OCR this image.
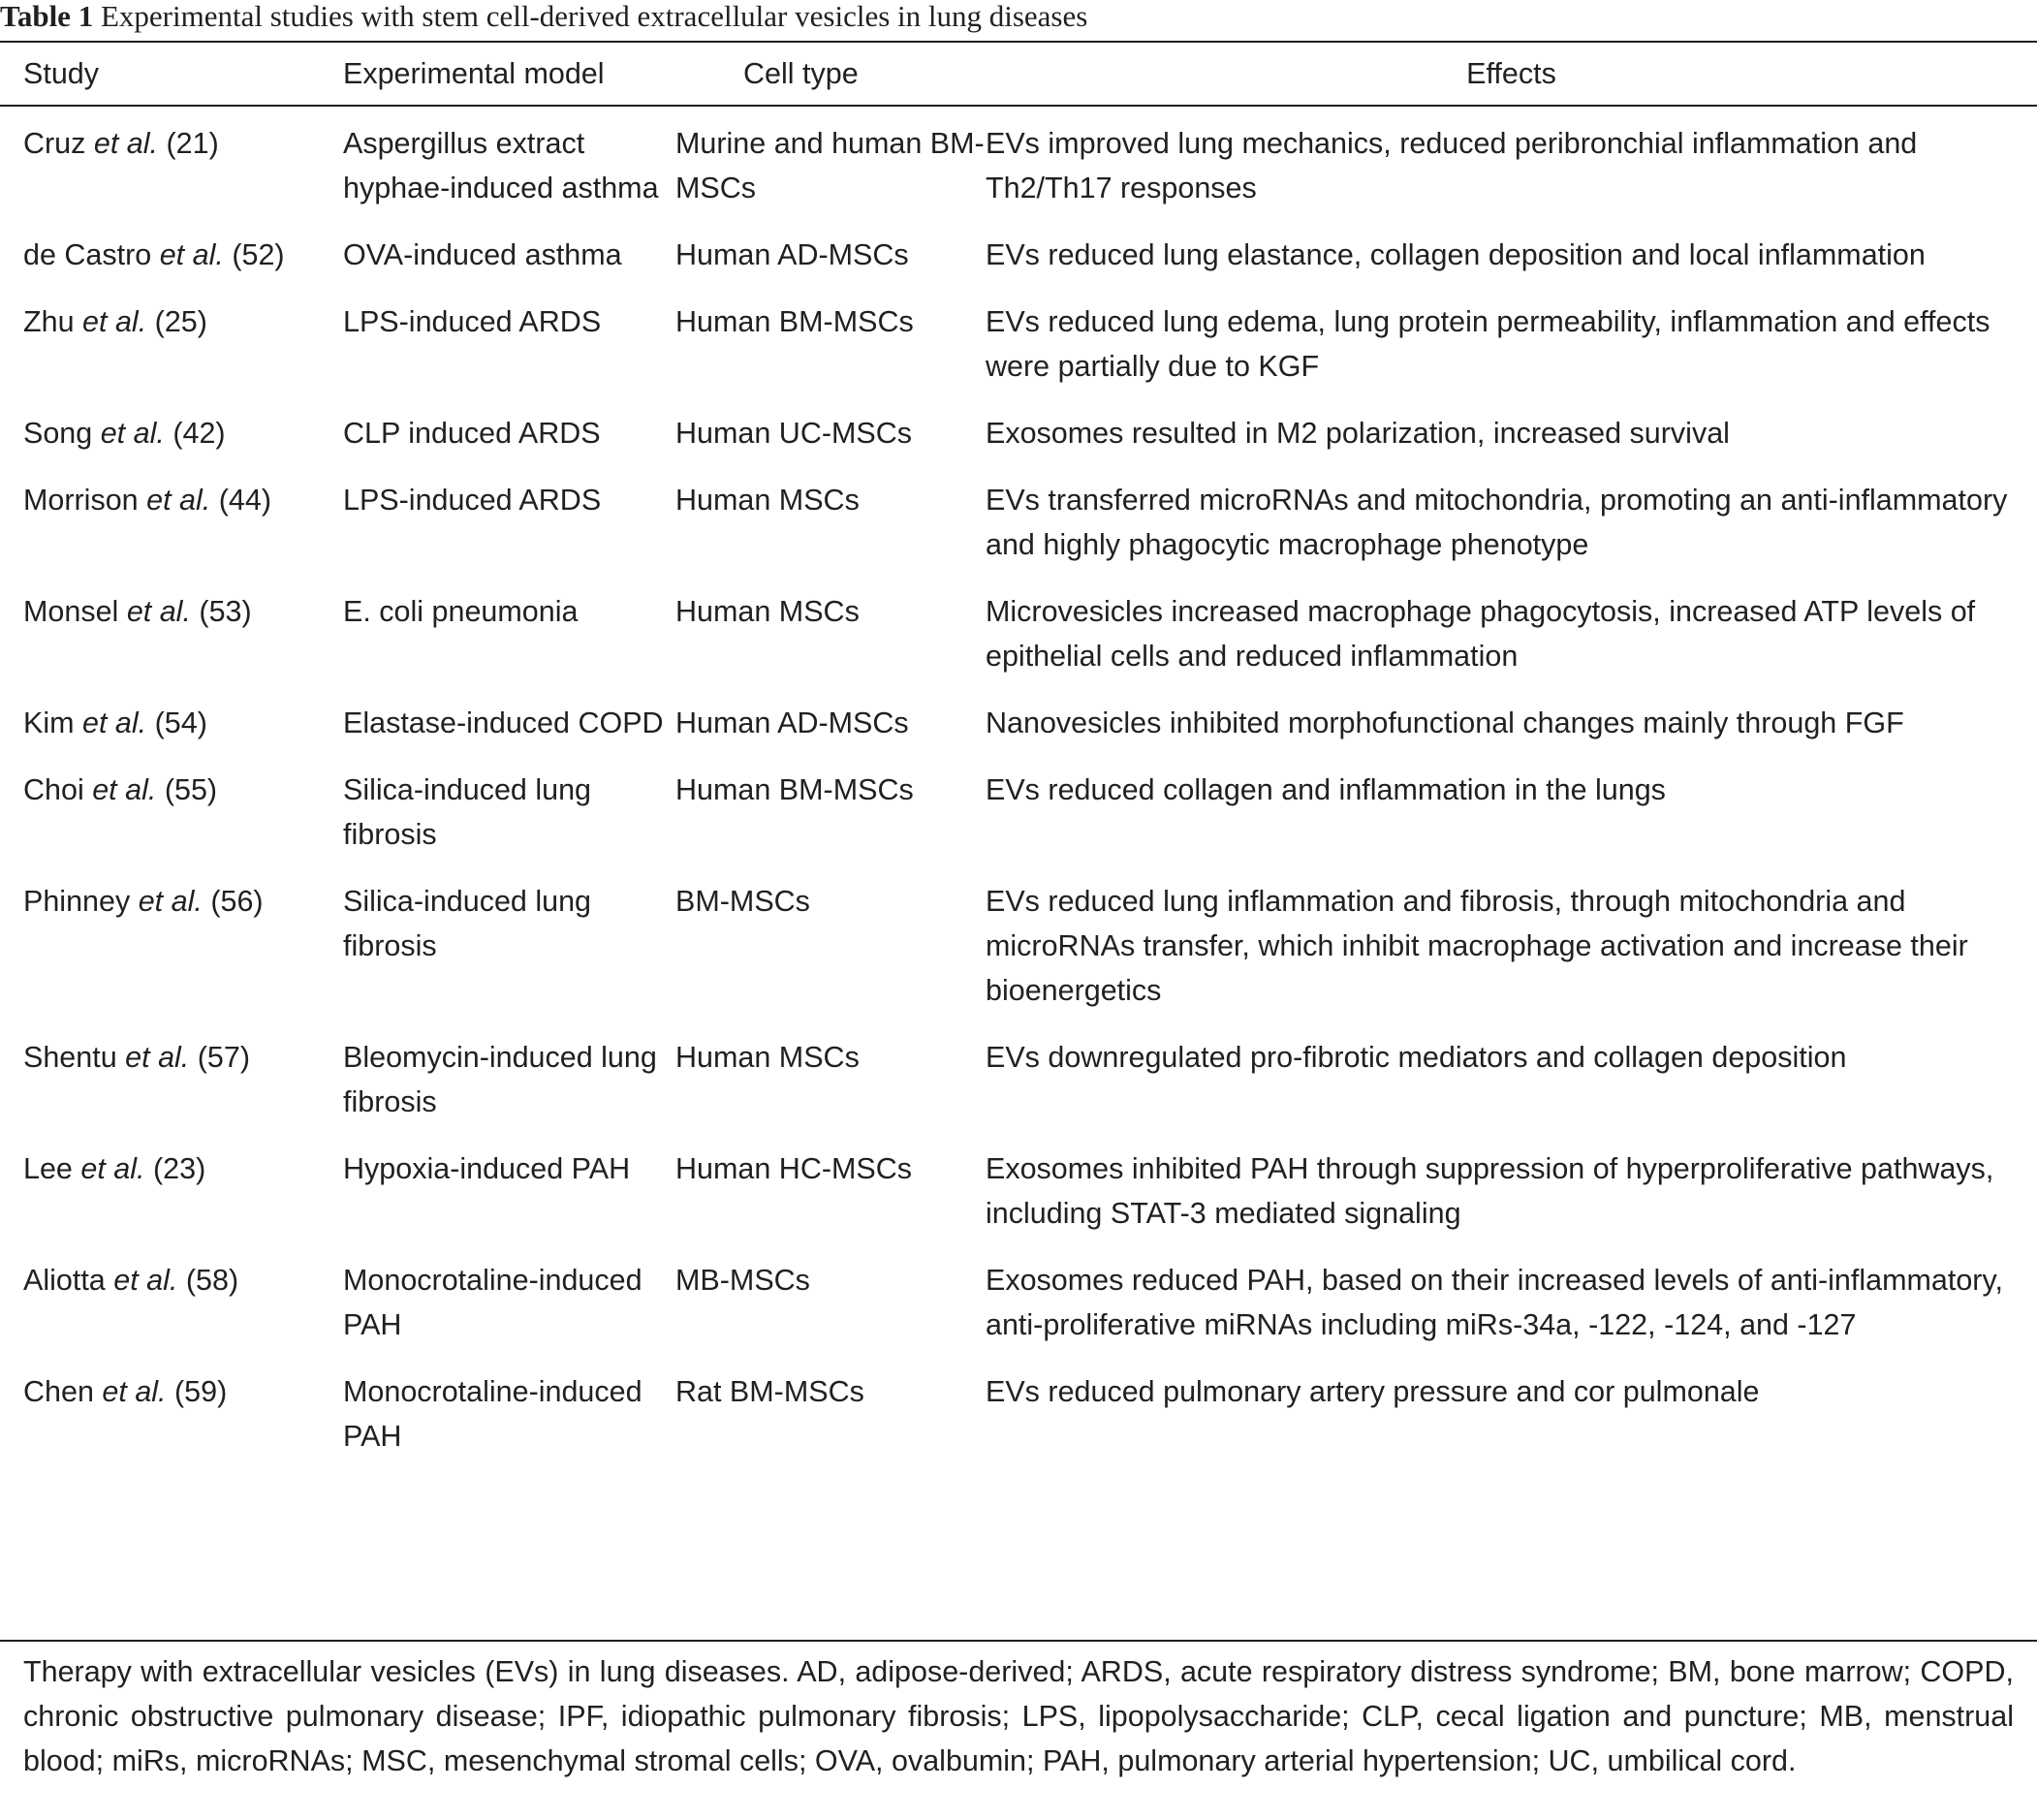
Table 1 Experimental studies with stem cell-derived extracellular vesicles in lung diseases
Study	Experimental model	Cell type	Effects
Cruz et al. (21)	Aspergillus extract hyphae-induced asthma	Murine and human BM-MSCs	EVs improved lung mechanics, reduced peribronchial inflammation and Th2/Th17 responses
de Castro et al. (52)	OVA-induced asthma	Human AD-MSCs	EVs reduced lung elastance, collagen deposition and local inflammation
Zhu et al. (25)	LPS-induced ARDS	Human BM-MSCs	EVs reduced lung edema, lung protein permeability, inflammation and effects were partially due to KGF
Song et al. (42)	CLP induced ARDS	Human UC-MSCs	Exosomes resulted in M2 polarization, increased survival
Morrison et al. (44)	LPS-induced ARDS	Human MSCs	EVs transferred microRNAs and mitochondria, promoting an anti-inflammatory and highly phagocytic macrophage phenotype
Monsel et al. (53)	E. coli pneumonia	Human MSCs	Microvesicles increased macrophage phagocytosis, increased ATP levels of epithelial cells and reduced inflammation
Kim et al. (54)	Elastase-induced COPD	Human AD-MSCs	Nanovesicles inhibited morphofunctional changes mainly through FGF
Choi et al. (55)	Silica-induced lung fibrosis	Human BM-MSCs	EVs reduced collagen and inflammation in the lungs
Phinney et al. (56)	Silica-induced lung fibrosis	BM-MSCs	EVs reduced lung inflammation and fibrosis, through mitochondria and microRNAs transfer, which inhibit macrophage activation and increase their bioenergetics
Shentu et al. (57)	Bleomycin-induced lung fibrosis	Human MSCs	EVs downregulated pro-fibrotic mediators and collagen deposition
Lee et al. (23)	Hypoxia-induced PAH	Human HC-MSCs	Exosomes inhibited PAH through suppression of hyperproliferative pathways, including STAT-3 mediated signaling
Aliotta et al. (58)	Monocrotaline-induced PAH	MB-MSCs	Exosomes reduced PAH, based on their increased levels of anti-inflammatory, anti-proliferative miRNAs including miRs-34a, -122, -124, and -127
Chen et al. (59)	Monocrotaline-induced PAH	Rat BM-MSCs	EVs reduced pulmonary artery pressure and cor pulmonale
Therapy with extracellular vesicles (EVs) in lung diseases. AD, adipose-derived; ARDS, acute respiratory distress syndrome; BM, bone marrow; COPD, chronic obstructive pulmonary disease; IPF, idiopathic pulmonary fibrosis; LPS, lipopolysaccharide; CLP, cecal ligation and puncture; MB, menstrual blood; miRs, microRNAs; MSC, mesenchymal stromal cells; OVA, ovalbumin; PAH, pulmonary arterial hypertension; UC, umbilical cord.
